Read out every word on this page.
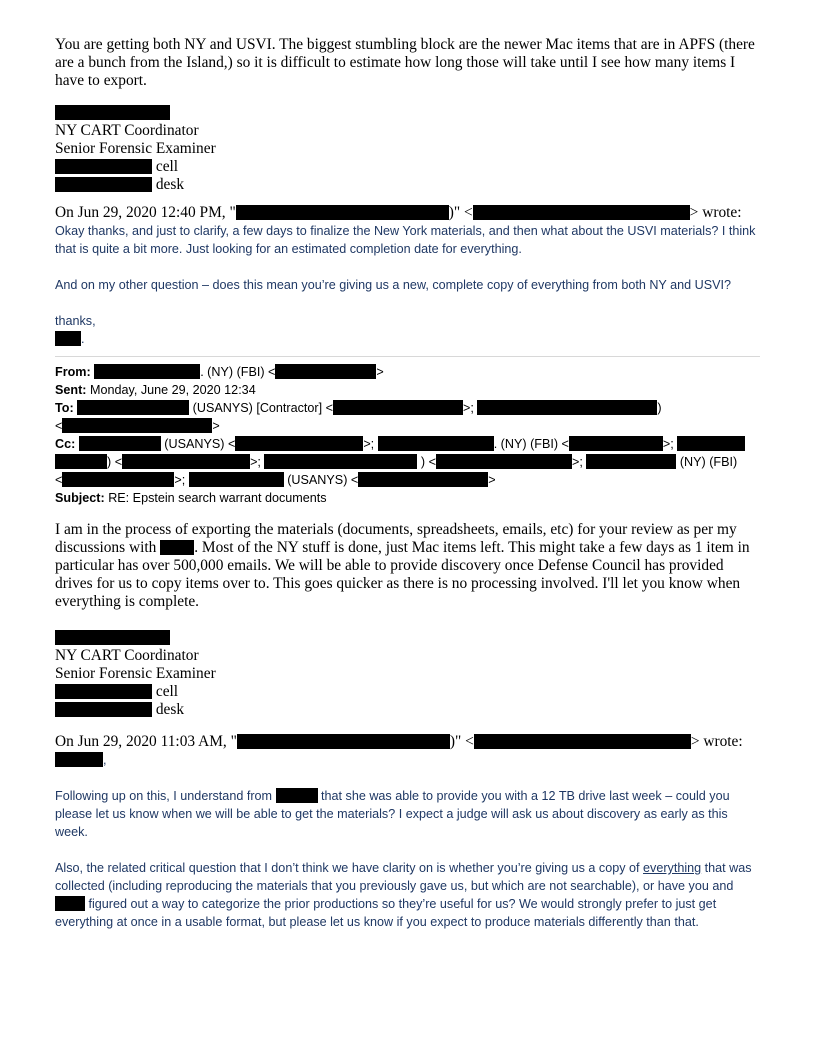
You are getting both NY and USVI. The biggest stumbling block are the newer Mac items that are in APFS (there are a bunch from the Island,) so it is difficult to estimate how long those will take until I see how many items I have to export.

NY CART Coordinator
Senior Forensic Examiner
cell
desk
On Jun 29, 2020 12:40 PM, "	)" <	> wrote:

Okay thanks, and just to clarify, a few days to finalize the New York materials, and then what about the USVI materials? I think that is quite a bit more. Just looking for an estimated completion date for everything.

And on my other question – does this mean you’re giving us a new, complete copy of everything from both NY and USVI?

thanks,

.

From:	. (NY) (FBI) <	>
Sent: Monday, June 29, 2020 12:34
To:	(USANYS) [Contractor] <	>;	)
<	>
Cc:	(USANYS) <	>;	. (NY) (FBI) <	>;
) <	>;	) <	>;	(NY) (FBI)
<	>;	(USANYS) <	>
Subject: RE: Epstein search warrant documents

I am in the process of exporting the materials (documents, spreadsheets, emails, etc) for your review as per my discussions with . Most of the NY stuff is done, just Mac items left. This might take a few days as 1 item in particular has over 500,000 emails. We will be able to provide discovery once Defense Council has provided drives for us to copy items over to. This goes quicker as there is no processing involved. I'll let you know when everything is complete.

NY CART Coordinator
Senior Forensic Examiner
cell
desk
On Jun 29, 2020 11:03 AM, "	)" <	> wrote:
,

Following up on this, I understand from	that she was able to provide you with a 12 TB drive last week – could you please let us know when we will be able to get the materials? I expect a judge will ask us about discovery as early as this week.

Also, the related critical question that I don’t think we have clarity on is whether you’re giving us a copy of everything that was collected (including reproducing the materials that you previously gave us, but which are not searchable), or have you and  figured out a way to categorize the prior productions so they’re useful for us? We would strongly prefer to just get everything at once in a usable format, but please let us know if you expect to produce materials differently than that.
